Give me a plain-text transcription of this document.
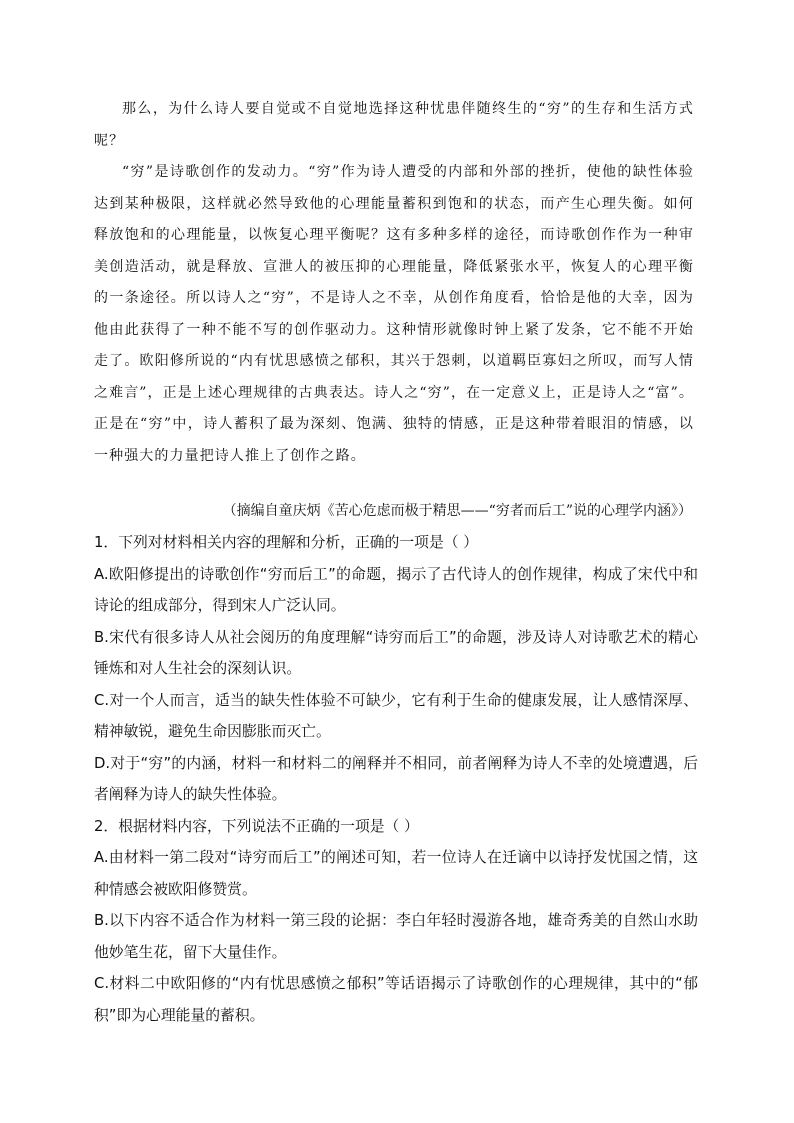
那么，为什么诗人要自觉或不自觉地选择这种忧患伴随终生的“穷”的生存和生活方式呢？

“穷”是诗歌创作的发动力。“穷”作为诗人遭受的内部和外部的挫折，使他的缺性体验达到某种极限，这样就必然导致他的心理能量蓄积到饱和的状态，而产生心理失衡。如何释放饱和的心理能量，以恢复心理平衡呢？这有多种多样的途径，而诗歌创作作为一种审美创造活动，就是释放、宣泄人的被压抑的心理能量，降低紧张水平，恢复人的心理平衡的一条途径。所以诗人之“穷”，不是诗人之不幸，从创作角度看，恰恰是他的大幸，因为他由此获得了一种不能不写的创作驱动力。这种情形就像时钟上紧了发条，它不能不开始走了。欧阳修所说的“内有忧思感愤之郁积，其兴于怨刺，以道羁臣寡妇之所叹，而写人情之难言”，正是上述心理规律的古典表达。诗人之“穷”，在一定意义上，正是诗人之“富”。正是在“穷”中，诗人蓄积了最为深刻、饱满、独特的情感，正是这种带着眼泪的情感，以一种强大的力量把诗人推上了创作之路。

（摘编自童庆炳《苦心危虑而极于精思——“穷者而后工”说的心理学内涵》）

1．下列对材料相关内容的理解和分析，正确的一项是（ ）

A.欧阳修提出的诗歌创作“穷而后工”的命题，揭示了古代诗人的创作规律，构成了宋代中和诗论的组成部分，得到宋人广泛认同。

B.宋代有很多诗人从社会阅历的角度理解“诗穷而后工”的命题，涉及诗人对诗歌艺术的精心锤炼和对人生社会的深刻认识。

C.对一个人而言，适当的缺失性体验不可缺少，它有利于生命的健康发展，让人感情深厚、精神敏锐，避免生命因膨胀而灭亡。

D.对于“穷”的内涵，材料一和材料二的阐释并不相同，前者阐释为诗人不幸的处境遭遇，后者阐释为诗人的缺失性体验。

2．根据材料内容，下列说法不正确的一项是（ ）

A.由材料一第二段对“诗穷而后工”的阐述可知，若一位诗人在迁谪中以诗抒发忧国之情，这种情感会被欧阳修赞赏。

B.以下内容不适合作为材料一第三段的论据：李白年轻时漫游各地，雄奇秀美的自然山水助他妙笔生花，留下大量佳作。

C.材料二中欧阳修的“内有忧思感愤之郁积”等话语揭示了诗歌创作的心理规律，其中的“郁积”即为心理能量的蓄积。
